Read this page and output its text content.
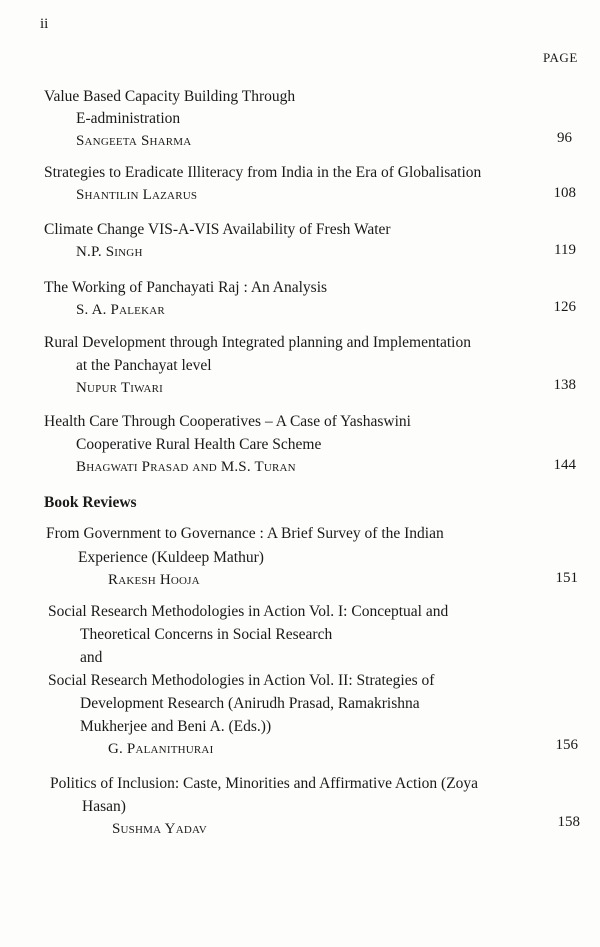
ii
PAGE
Value Based Capacity Building Through
E-administration
Sangeeta Sharma	96
Strategies to Eradicate Illiteracy from India in the Era of Globalisation
Shantilin Lazarus	108
Climate Change VIS-A-VIS Availability of Fresh Water
N.P. Singh	119
The Working of Panchayati Raj : An Analysis
S. A. Palekar	126
Rural Development through Integrated planning and Implementation
at the Panchayat level
Nupur Tiwari	138
Health Care Through Cooperatives – A Case of Yashaswini
Cooperative Rural Health Care Scheme
Bhagwati Prasad and M.S. Turan	144
Book Reviews
From Government to Governance : A Brief Survey of the Indian
Experience (Kuldeep Mathur)
Rakesh Hooja	151
Social Research Methodologies in Action Vol. I: Conceptual and
Theoretical Concerns in Social Research
and
Social Research Methodologies in Action Vol. II: Strategies of
Development Research (Anirudh Prasad, Ramakrishna
Mukherjee and Beni A. (Eds.))
G. Palanithurai	156
Politics of Inclusion: Caste, Minorities and Affirmative Action (Zoya
Hasan)
Sushma Yadav	158
